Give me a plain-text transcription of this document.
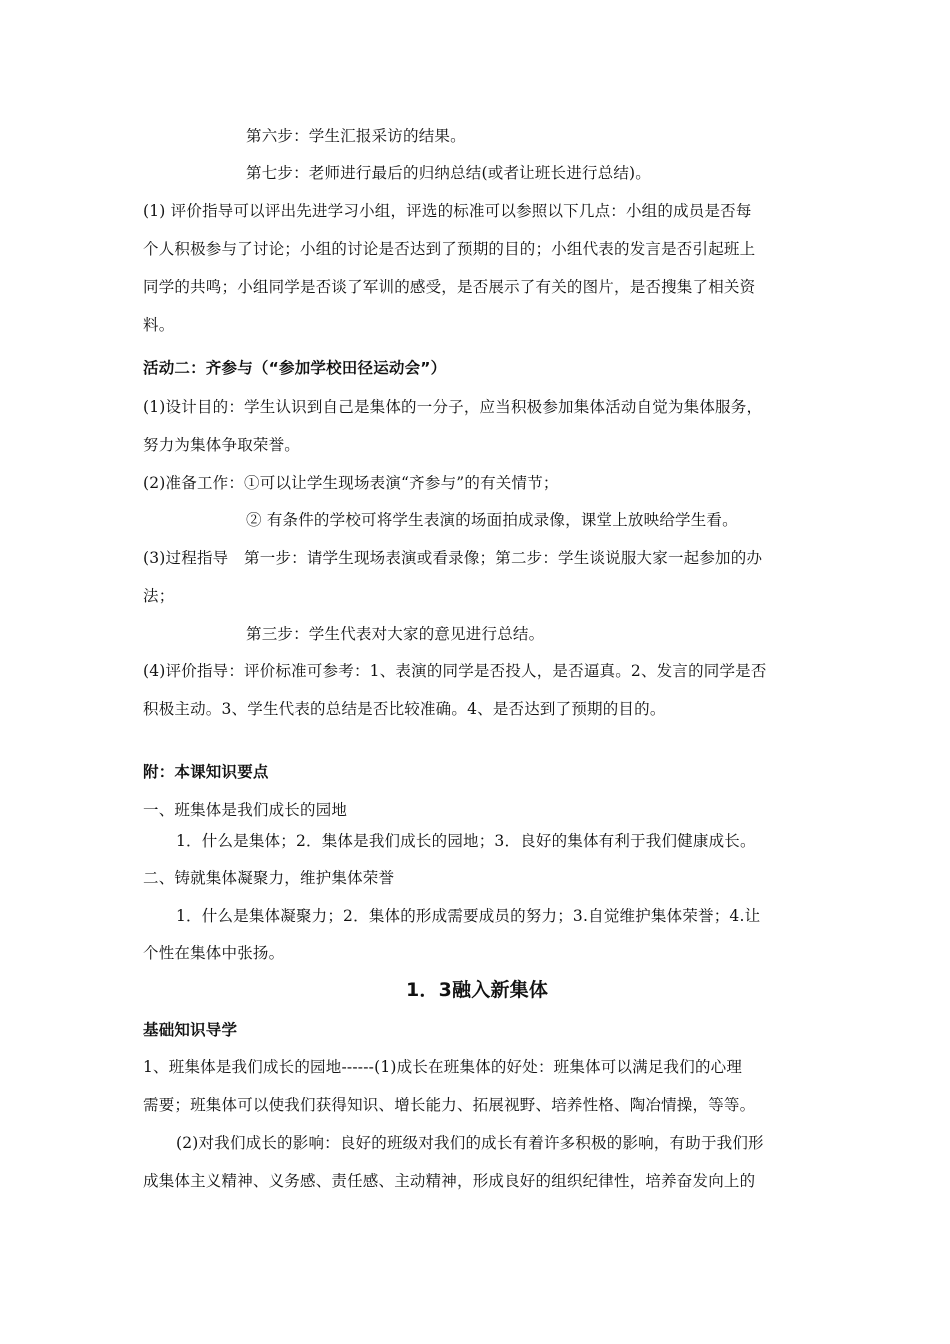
第六步：学生汇报采访的结果。
第七步：老师进行最后的归纳总结(或者让班长进行总结)。
(1) 评价指导可以评出先进学习小组，评选的标准可以参照以下几点：小组的成员是否每
个人积极参与了讨论；小组的讨论是否达到了预期的目的；小组代表的发言是否引起班上
同学的共鸣；小组同学是否谈了军训的感受，是否展示了有关的图片，是否搜集了相关资
料。
活动二：齐参与（“参加学校田径运动会”）
(1)设计目的：学生认识到自己是集体的一分子，应当积极参加集体活动自觉为集体服务，
努力为集体争取荣誉。
(2)准备工作：①可以让学生现场表演“齐参与”的有关情节；
② 有条件的学校可将学生表演的场面拍成录像，课堂上放映给学生看。
(3)过程指导　第一步：请学生现场表演或看录像；第二步：学生谈说服大家一起参加的办
法；
第三步：学生代表对大家的意见进行总结。
(4)评价指导：评价标准可参考：1、表演的同学是否投人，是否逼真。2、发言的同学是否
积极主动。3、学生代表的总结是否比较准确。4、是否达到了预期的目的。
附：本课知识要点
一、班集体是我们成长的园地
1．什么是集体；2．集体是我们成长的园地；3．良好的集体有利于我们健康成长。
二、铸就集体凝聚力，维护集体荣誉
1．什么是集体凝聚力；2．集体的形成需要成员的努力；3.自觉维护集体荣誉；4.让
个性在集体中张扬。
1．3融入新集体
基础知识导学
1、班集体是我们成长的园地------(1)成长在班集体的好处：班集体可以满足我们的心理
需要；班集体可以使我们获得知识、增长能力、拓展视野、培养性格、陶冶情操，等等。
(2)对我们成长的影响：良好的班级对我们的成长有着许多积极的影响，有助于我们形
成集体主义精神、义务感、责任感、主动精神，形成良好的组织纪律性，培养奋发向上的
